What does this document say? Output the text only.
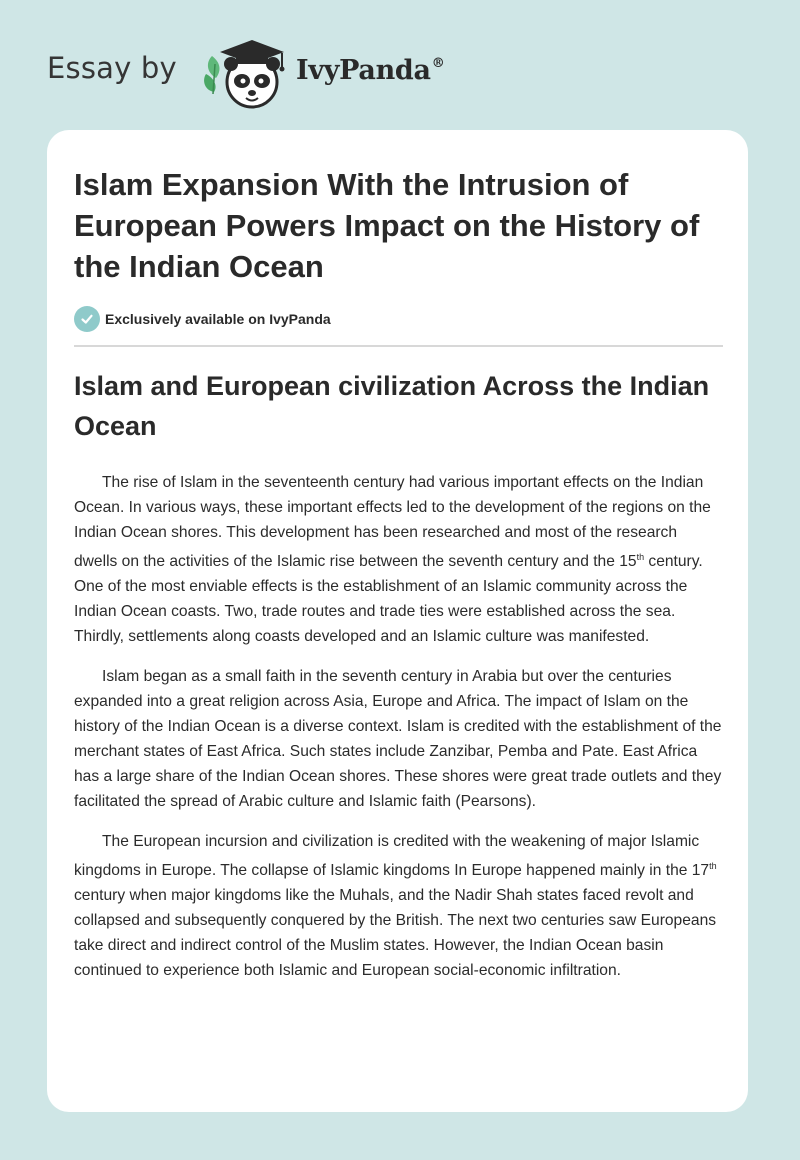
Essay by	IvyPanda®
Islam Expansion With the Intrusion of European Powers Impact on the History of the Indian Ocean
Exclusively available on IvyPanda
Islam and European civilization Across the Indian Ocean

The rise of Islam in the seventeenth century had various important effects on the Indian Ocean. In various ways, these important effects led to the development of the regions on the Indian Ocean shores. This development has been researched and most of the research dwells on the activities of the Islamic rise between the seventh century and the 15th century. One of the most enviable effects is the establishment of an Islamic community across the Indian Ocean coasts. Two, trade routes and trade ties were established across the sea. Thirdly, settlements along coasts developed and an Islamic culture was manifested.

Islam began as a small faith in the seventh century in Arabia but over the centuries expanded into a great religion across Asia, Europe and Africa. The impact of Islam on the history of the Indian Ocean is a diverse context. Islam is credited with the establishment of the merchant states of East Africa. Such states include Zanzibar, Pemba and Pate. East Africa has a large share of the Indian Ocean shores. These shores were great trade outlets and they facilitated the spread of Arabic culture and Islamic faith (Pearsons).

The European incursion and civilization is credited with the weakening of major Islamic kingdoms in Europe. The collapse of Islamic kingdoms In Europe happened mainly in the 17th century when major kingdoms like the Muhals, and the Nadir Shah states faced revolt and collapsed and subsequently conquered by the British. The next two centuries saw Europeans take direct and indirect control of the Muslim states. However, the Indian Ocean basin continued to experience both Islamic and European social-economic infiltration.
